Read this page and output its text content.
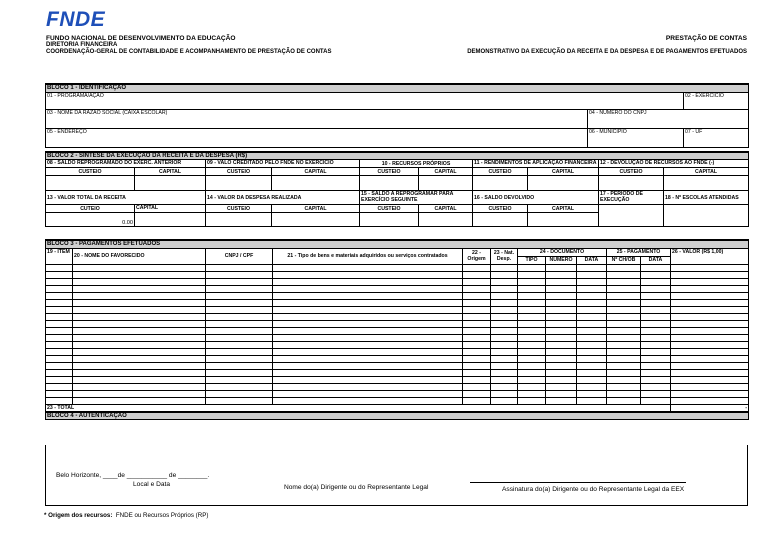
FNDE
FUNDO NACIONAL DE DESENVOLVIMENTO DA EDUCAÇÃO
DIRETORIA FINANCEIRA
COORDENAÇÃO-GERAL DE CONTABILIDADE E ACOMPANHAMENTO DE PRESTAÇÃO DE CONTAS
PRESTAÇÃO DE CONTAS
DEMONSTRATIVO DA EXECUÇÃO DA RECEITA E DA DESPESA E DE PAGAMENTOS EFETUADOS
BLOCO 1 - IDENTIFICAÇÃO		
01 - PROGRAMA/AÇÃO		02 - EXERCÍCIO
03 - NOME DA RAZÃO SOCIAL (CAIXA ESCOLAR)	04 - NÚMERO DO CNPJ	
05 - ENDEREÇO	06 - MUNICÍPIO	07 - UF
BLOCO 2 - SÍNTESE DA EXECUÇÃO DA RECEITA E DA DESPESA (R$)									
08 - SALDO REPROGRAMADO DO EXERC. ANTERIOR		09 - VALO CREDITADO PELO FNDE NO EXERCÍCIO		10 - RECURSOS PRÓPRIOS		11 - RENDIMENTOS DE APLICAÇÃO FINANCEIRA		12 - DEVOLUÇÃO DE RECURSOS AO FNDE (-)	
CUSTEIO	CAPITAL	CUSTEIO	CAPITAL	CUSTEIO	CAPITAL	CUSTEIO	CAPITAL	CUSTEIO	CAPITAL

13 - VALOR TOTAL DA RECEITA		14 - VALOR DA DESPESA REALIZADA		15 - SALDO A REPROGRAMAR PARA EXERCÍCIO SEGUINTE		16 - SALDO DEVOLVIDO		17 - PERÍODO DE EXECUÇÃO	18 - Nº ESCOLAS ATENDIDAS
CUTEIO	CAPITAL	CUSTEIO	CAPITAL	CUSTEIO	CAPITAL	CUSTEIO	CAPITAL		
0.00									
BLOCO 3 - PAGAMENTOS EFETUADOS											
19 - ÍTEM	20 - NOME DO FAVORECIDO	CNPJ / CPF	21 - Tipo de bens e materiais adquiridos ou serviços contratados	22 - Origem	23 - Nat. Desp.	24 - DOCUMENTO			25 - PAGAMENTO		26 - VALOR (R$ 1,00)
						TIPO	NÚMERO	DATA	Nº CH/OB	DATA	

23 - TOTAL											-
BLOCO 4 - AUTENTICAÇÃO											
Belo Horizonte, ____de ___________ de ________.
Local e Data	Nome do(a) Dirigente ou do Representante Legal	Assinatura do(a) Dirigente ou do Representante Legal da EEX
* Origem dos recursos: FNDE ou Recursos Próprios (RP)
